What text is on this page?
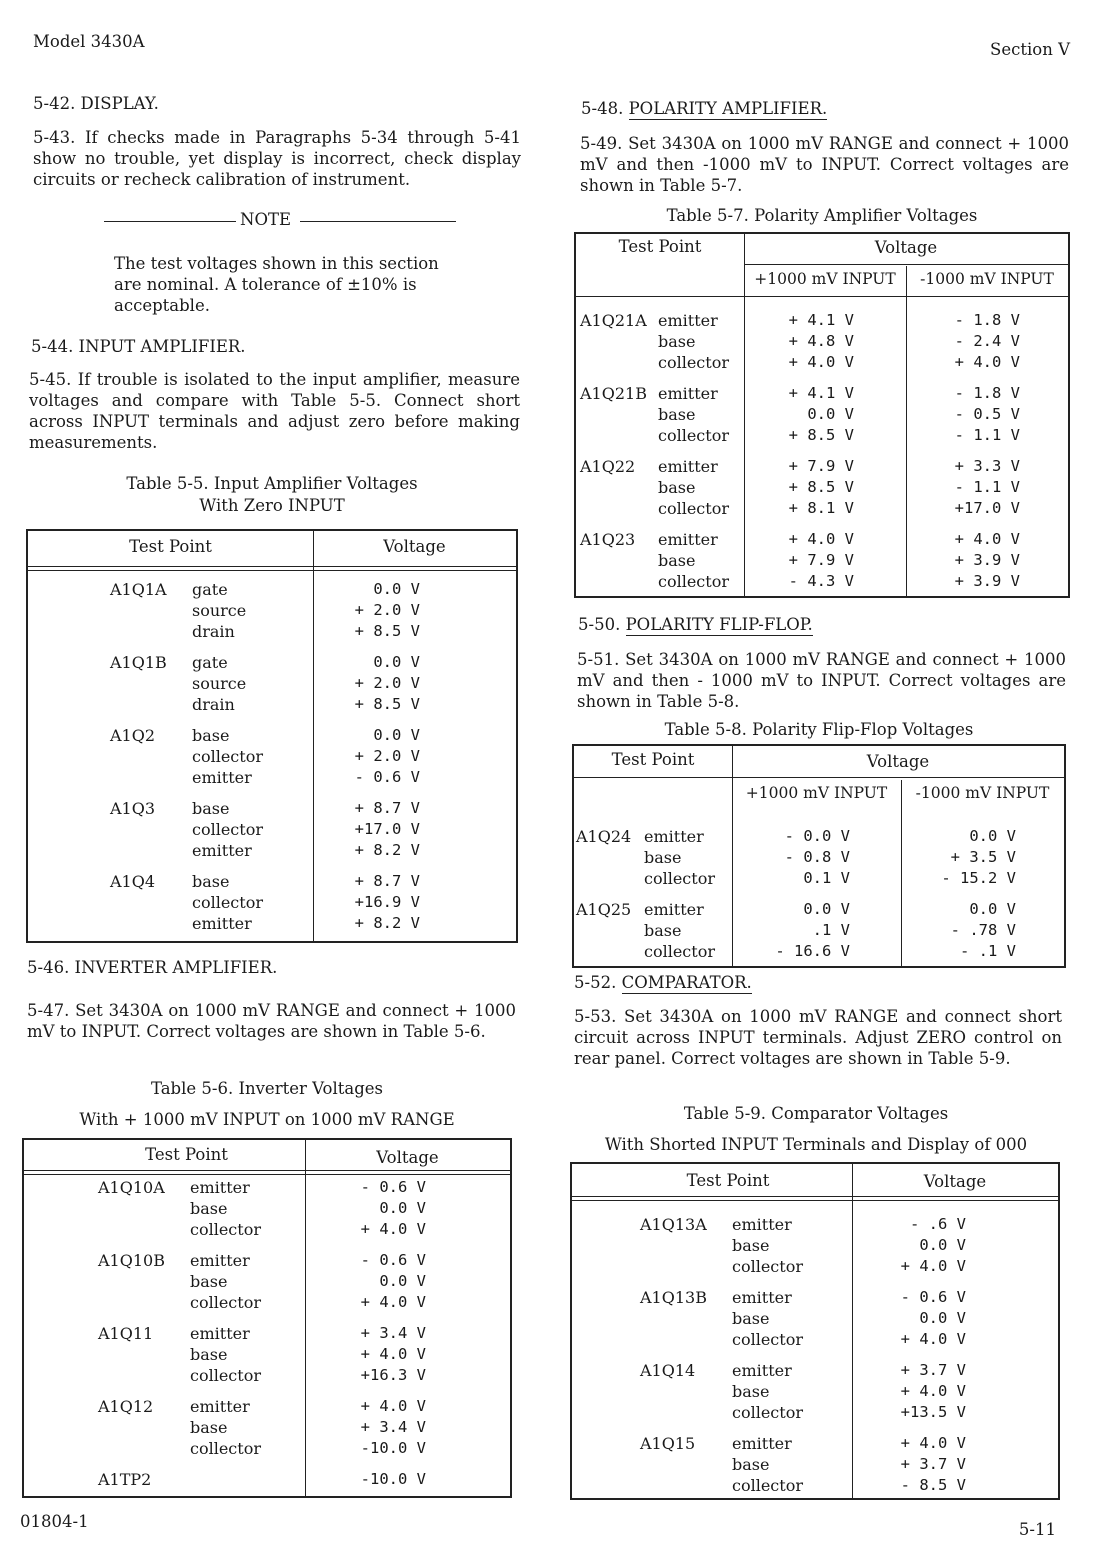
Model 3430A	Section V
01804-1	5-11
5-42. DISPLAY.
5-43. If checks made in Paragraphs 5-34 through 5-41 show no trouble, yet display is incorrect, check display circuits or recheck calibration of instrument.
NOTE
The test voltages shown in this section are nominal. A tolerance of ±10% is acceptable.
5-44. INPUT AMPLIFIER.
5-45. If trouble is isolated to the input amplifier, measure voltages and compare with Table 5-5. Connect short across INPUT terminals and adjust zero before making measurements.
Table 5-5. Input Amplifier Voltages
With Zero INPUT
Test Point	Voltage
A1Q1A gate	0.0 V
source	+ 2.0 V
drain	+ 8.5 V
A1Q1B gate	0.0 V
source	+ 2.0 V
drain	+ 8.5 V
A1Q2 base	0.0 V
collector	+ 2.0 V
emitter	- 0.6 V
A1Q3 base	+ 8.7 V
collector	+17.0 V
emitter	+ 8.2 V
A1Q4 base	+ 8.7 V
collector	+16.9 V
emitter	+ 8.2 V
5-46. INVERTER AMPLIFIER.
5-47. Set 3430A on 1000 mV RANGE and connect + 1000 mV to INPUT. Correct voltages are shown in Table 5-6.
Table 5-6. Inverter Voltages
With + 1000 mV INPUT on 1000 mV RANGE
Test Point	Voltage
A1Q10A emitter	- 0.6 V
base	0.0 V
collector	+ 4.0 V
A1Q10B emitter	- 0.6 V
base	0.0 V
collector	+ 4.0 V
A1Q11 emitter	+ 3.4 V
base	+ 4.0 V
collector	+16.3 V
A1Q12 emitter	+ 4.0 V
base	+ 3.4 V
collector	-10.0 V
A1TP2	-10.0 V
5-48. POLARITY AMPLIFIER.
5-49. Set 3430A on 1000 mV RANGE and connect + 1000 mV and then -1000 mV to INPUT. Correct voltages are shown in Table 5-7.
Table 5-7. Polarity Amplifier Voltages
Test Point	Voltage
+1000 mV INPUT	-1000 mV INPUT
A1Q21A emitter	+ 4.1 V	- 1.8 V
base	+ 4.8 V	- 2.4 V
collector	+ 4.0 V	+ 4.0 V
A1Q21B emitter	+ 4.1 V	- 1.8 V
base	0.0 V	- 0.5 V
collector	+ 8.5 V	- 1.1 V
A1Q22 emitter	+ 7.9 V	+ 3.3 V
base	+ 8.5 V	- 1.1 V
collector	+ 8.1 V	+17.0 V
A1Q23 emitter	+ 4.0 V	+ 4.0 V
base	+ 7.9 V	+ 3.9 V
collector	- 4.3 V	+ 3.9 V
5-50. POLARITY FLIP-FLOP.
5-51. Set 3430A on 1000 mV RANGE and connect + 1000 mV and then - 1000 mV to INPUT. Correct voltages are shown in Table 5-8.
Table 5-8. Polarity Flip-Flop Voltages
Test Point	Voltage
+1000 mV INPUT	-1000 mV INPUT
A1Q24 emitter	- 0.0 V	0.0 V
base	- 0.8 V	+ 3.5 V
collector	0.1 V	- 15.2 V
A1Q25 emitter	0.0 V	0.0 V
base	.1 V	- .78 V
collector	- 16.6 V	- .1 V
5-52. COMPARATOR.
5-53. Set 3430A on 1000 mV RANGE and connect short circuit across INPUT terminals. Adjust ZERO control on rear panel. Correct voltages are shown in Table 5-9.
Table 5-9. Comparator Voltages
With Shorted INPUT Terminals and Display of 000
Test Point	Voltage
A1Q13A emitter	- .6 V
base	0.0 V
collector	+ 4.0 V
A1Q13B emitter	- 0.6 V
base	0.0 V
collector	+ 4.0 V
A1Q14 emitter	+ 3.7 V
base	+ 4.0 V
collector	+13.5 V
A1Q15 emitter	+ 4.0 V
base	+ 3.7 V
collector	- 8.5 V
